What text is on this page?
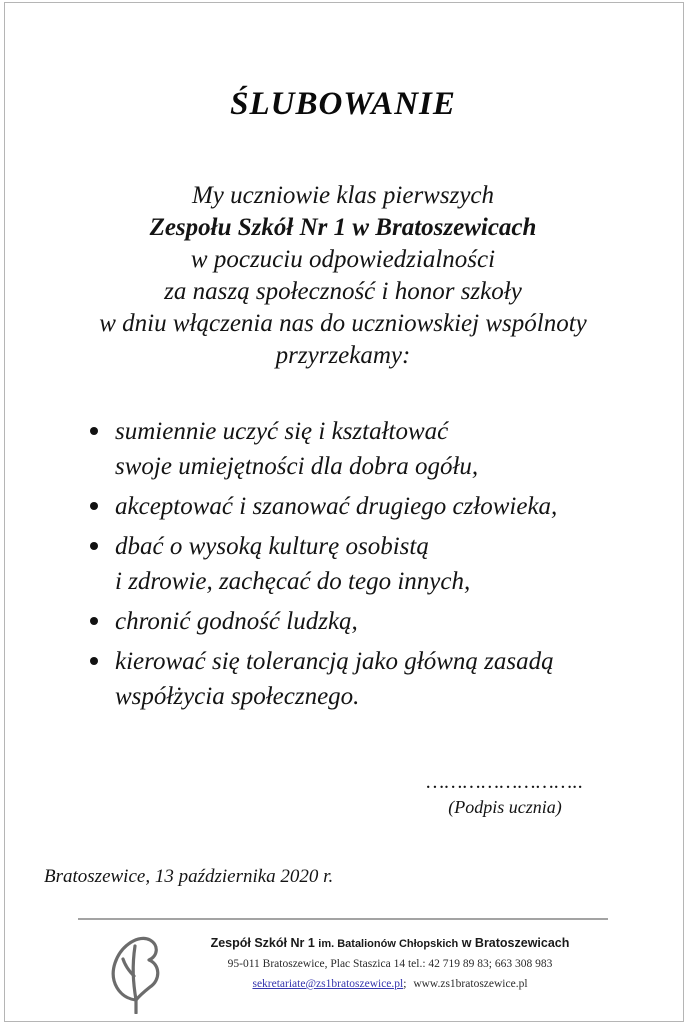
ŚLUBOWANIE
My uczniowie klas pierwszych
Zespołu Szkół Nr 1 w Bratoszewicach
w poczuciu odpowiedzialności
za naszą społeczność i honor szkoły
w dniu włączenia nas do uczniowskiej wspólnoty
przyrzekamy:
sumiennie uczyć się i kształtować
swoje umiejętności dla dobra ogółu,
akceptować i szanować drugiego człowieka,
dbać o wysoką kulturę osobistą
i zdrowie, zachęcać do tego innych,
chronić godność ludzką,
kierować się tolerancją jako główną zasadą
współżycia społecznego.
……………………..
(Podpis ucznia)
Bratoszewice, 13 października 2020 r.
Zespół Szkół Nr 1 im. Batalionów Chłopskich w Bratoszewicach
95-011 Bratoszewice, Plac Staszica 14 tel.: 42 719 89 83; 663 308 983
sekretariate@zs1bratoszewice.pl; www.zs1bratoszewice.pl
